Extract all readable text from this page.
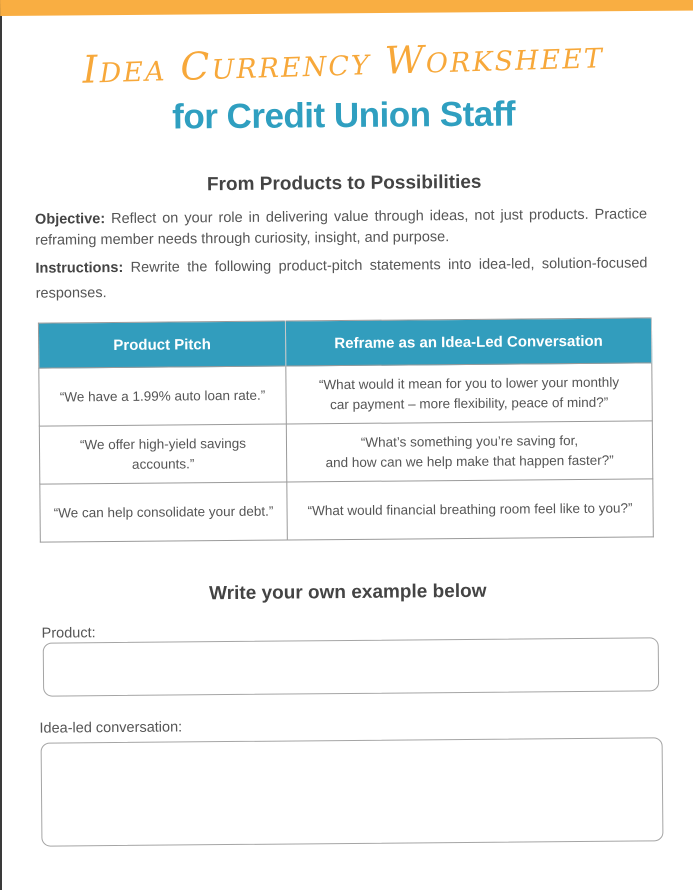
Idea Currency Worksheet
for Credit Union Staff
From Products to Possibilities
Objective: Reflect on your role in delivering value through ideas, not just products. Practice reframing member needs through curiosity, insight, and purpose.
Instructions: Rewrite the following product-pitch statements into idea-led, solution-focused responses.
Product Pitch	Reframe as an Idea-Led Conversation
“We have a 1.99% auto loan rate.”	“What would it mean for you to lower your monthly
car payment – more flexibility, peace of mind?”
“We offer high-yield savings accounts.”	“What’s something you’re saving for,
and how can we help make that happen faster?”
“We can help consolidate your debt.”	“What would financial breathing room feel like to you?”
Write your own example below
Product:
Idea-led conversation:
